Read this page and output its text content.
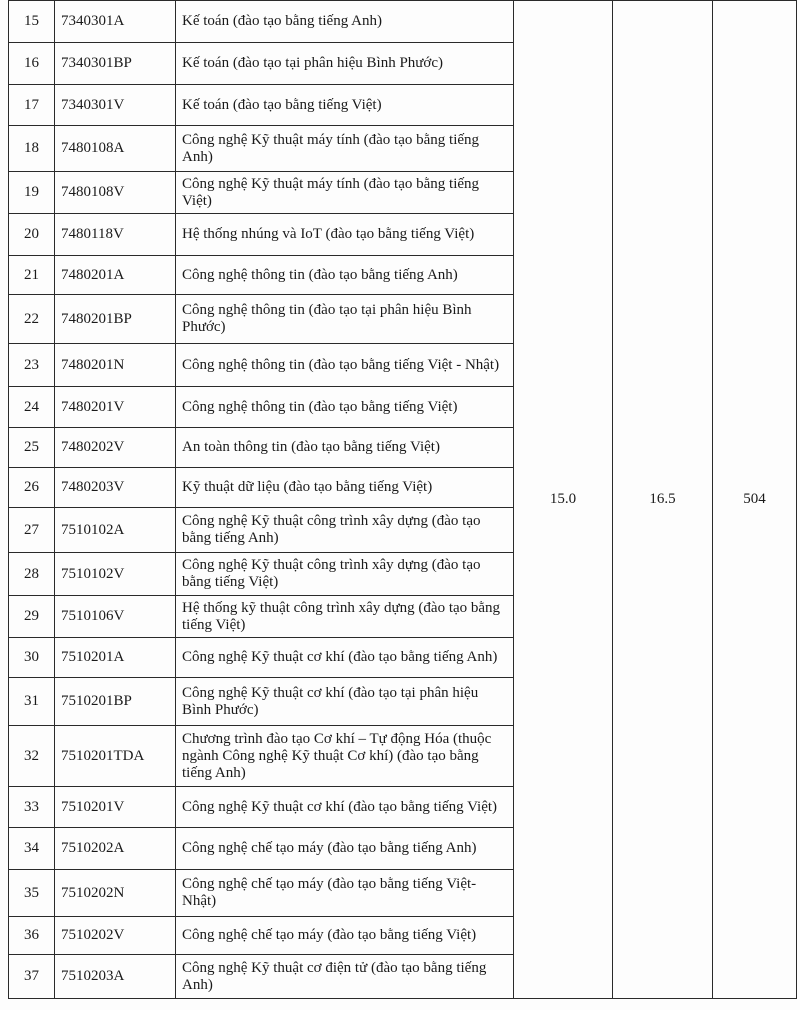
15	7340301A	Kế toán (đào tạo bằng tiếng Anh)	15.0	16.5	504
16	7340301BP	Kế toán (đào tạo tại phân hiệu Bình Phước)			
17	7340301V	Kế toán (đào tạo bằng tiếng Việt)			
18	7480108A	Công nghệ Kỹ thuật máy tính (đào tạo bằng tiếng Anh)			
19	7480108V	Công nghệ Kỹ thuật máy tính (đào tạo bằng tiếng Việt)			
20	7480118V	Hệ thống nhúng và IoT (đào tạo bằng tiếng Việt)			
21	7480201A	Công nghệ thông tin (đào tạo bằng tiếng Anh)			
22	7480201BP	Công nghệ thông tin (đào tạo tại phân hiệu Bình Phước)			
23	7480201N	Công nghệ thông tin (đào tạo bằng tiếng Việt - Nhật)			
24	7480201V	Công nghệ thông tin (đào tạo bằng tiếng Việt)			
25	7480202V	An toàn thông tin (đào tạo bằng tiếng Việt)			
26	7480203V	Kỹ thuật dữ liệu (đào tạo bằng tiếng Việt)			
27	7510102A	Công nghệ Kỹ thuật công trình xây dựng (đào tạo bằng tiếng Anh)			
28	7510102V	Công nghệ Kỹ thuật công trình xây dựng (đào tạo bằng tiếng Việt)			
29	7510106V	Hệ thống kỹ thuật công trình xây dựng (đào tạo bằng tiếng Việt)			
30	7510201A	Công nghệ Kỹ thuật cơ khí (đào tạo bằng tiếng Anh)			
31	7510201BP	Công nghệ Kỹ thuật cơ khí (đào tạo tại phân hiệu Bình Phước)			
32	7510201TDA	Chương trình đào tạo Cơ khí – Tự động Hóa (thuộc ngành Công nghệ Kỹ thuật Cơ khí) (đào tạo bằng tiếng Anh)			
33	7510201V	Công nghệ Kỹ thuật cơ khí (đào tạo bằng tiếng Việt)			
34	7510202A	Công nghệ chế tạo máy (đào tạo bằng tiếng Anh)			
35	7510202N	Công nghệ chế tạo máy (đào tạo bằng tiếng Việt- Nhật)			
36	7510202V	Công nghệ chế tạo máy (đào tạo bằng tiếng Việt)			
37	7510203A	Công nghệ Kỹ thuật cơ điện tử (đào tạo bằng tiếng Anh)			
